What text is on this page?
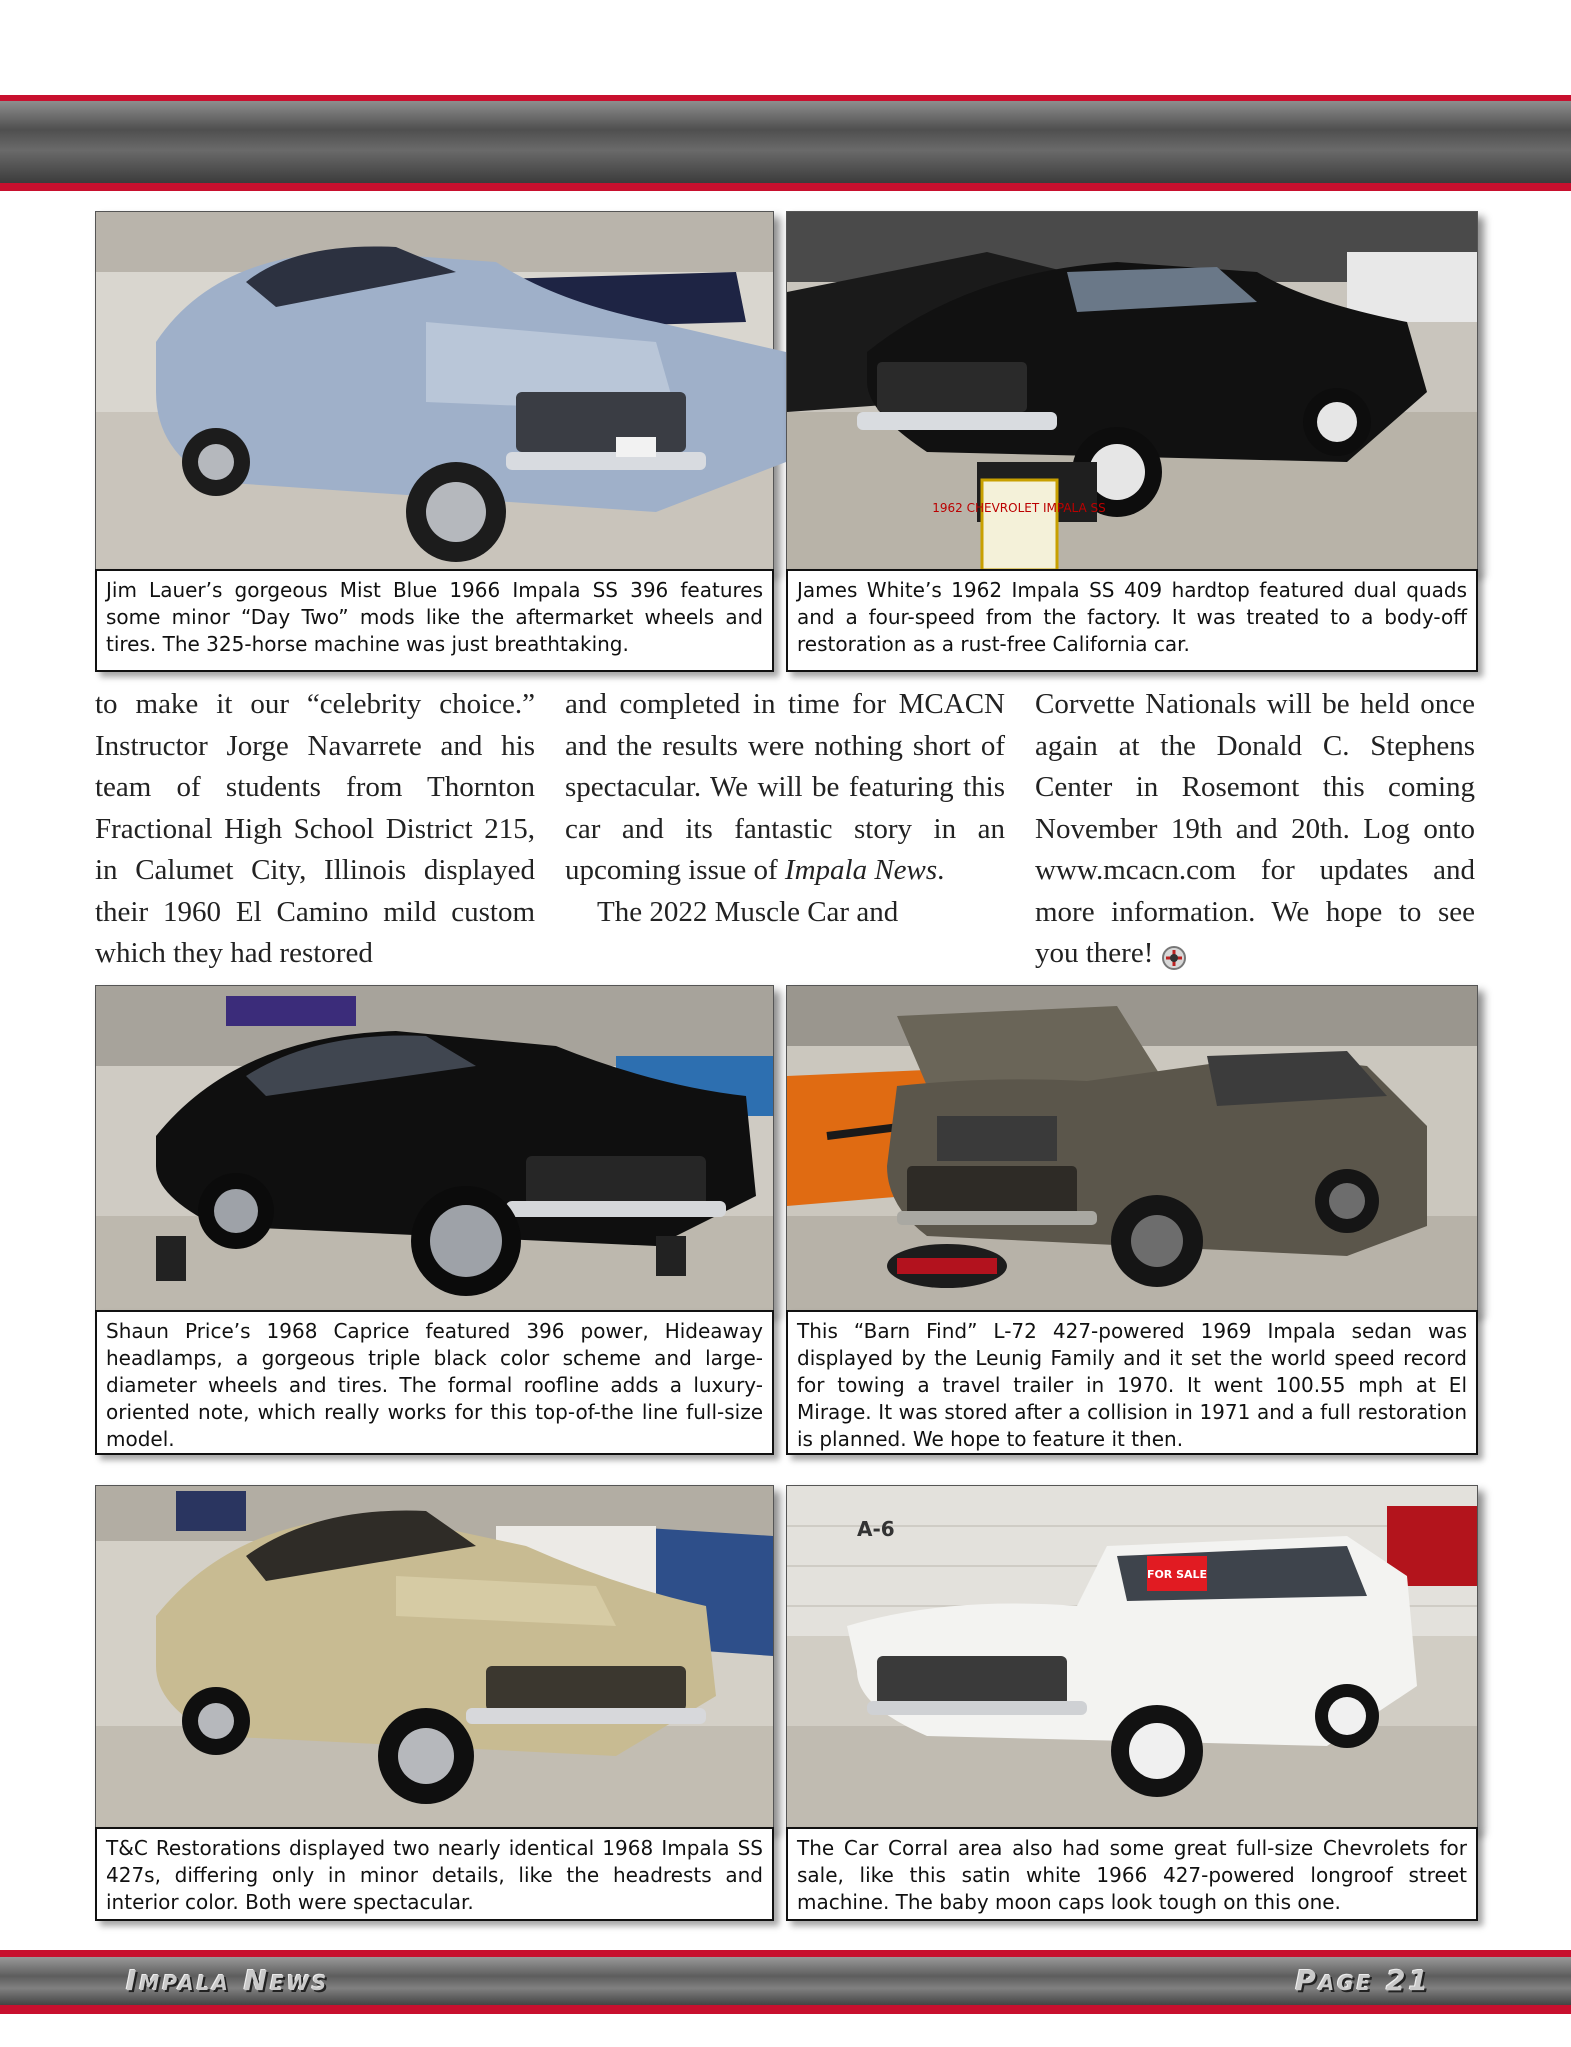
Jim Lauer’s gorgeous Mist Blue 1966 Impala SS 396 features some minor “Day Two” mods like the aftermarket wheels and tires. The 325-horse machine was just breathtaking.
1962 CHEVROLET IMPALA SS
James White’s 1962 Impala SS 409 hardtop featured dual quads and a four-speed from the factory. It was treated to a body-off restoration as a rust-free California car.

to make it our “celebrity choice.” Instructor Jorge Navarrete and his team of students from Thornton Fractional High School District 215, in Calumet City, Illinois displayed their 1960 El Camino mild custom which they had restored

and completed in time for MCACN and the results were nothing short of spectacular. We will be featuring this car and its fantastic story in an upcoming issue of Impala News.

The 2022 Muscle Car and

Corvette Nationals will be held once again at the Donald C. Stephens Center in Rosemont this coming November 19th and 20th. Log onto www.mcacn.com for updates and more information. We hope to see you there!

Shaun Price’s 1968 Caprice featured 396 power, Hideaway headlamps, a gorgeous triple black color scheme and large-diameter wheels and tires. The formal roofline adds a luxury-oriented note, which really works for this top-of-the line full-size model.
This “Barn Find” L-72 427-powered 1969 Impala sedan was displayed by the Leunig Family and it set the world speed record for towing a travel trailer in 1970. It went 100.55 mph at El Mirage. It was stored after a collision in 1971 and a full restoration is planned. We hope to feature it then.
T&C Restorations displayed two nearly identical 1968 Impala SS 427s, differing only in minor details, like the headrests and interior color. Both were spectacular.
A-6
FOR SALE
The Car Corral area also had some great full-size Chevrolets for sale, like this satin white 1966 427-powered longroof street machine. The baby moon caps look tough on this one.
Impala News	Page 21
